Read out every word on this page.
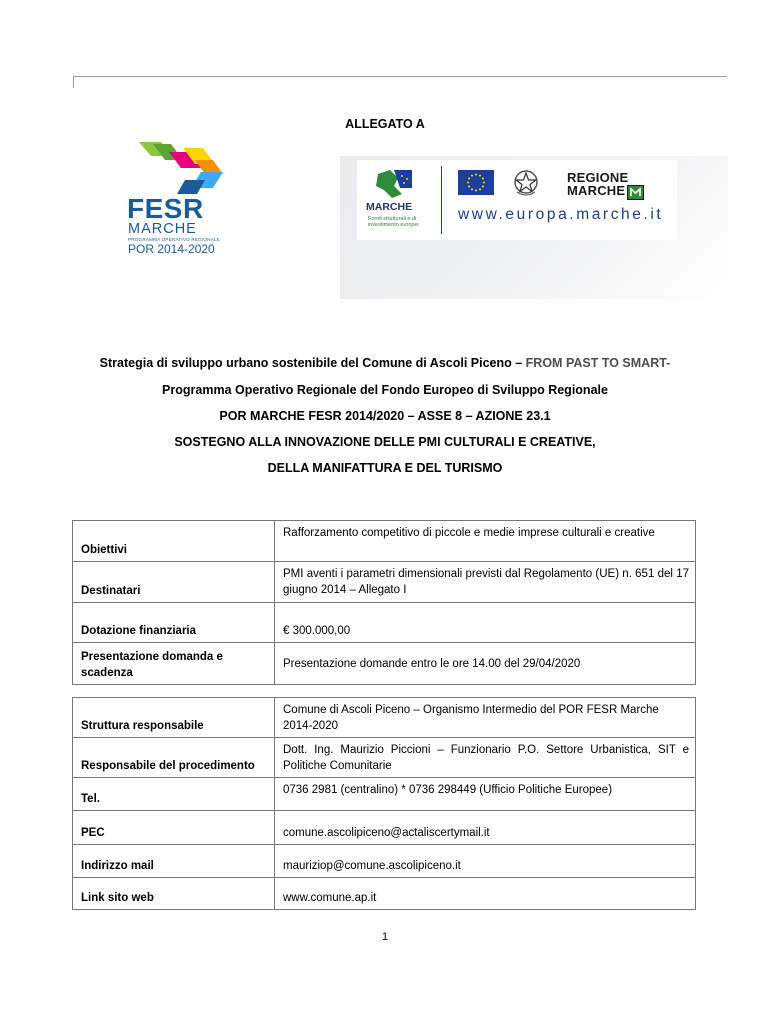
ALLEGATO A
FESR
MARCHE
PROGRAMMA OPERATIVO REGIONALE
POR 2014-2020
MARCHE
Fondi strutturali e di investimento europei
REGIONE
MARCHE
www.europa.marche.it
Strategia di sviluppo urbano sostenibile del Comune di Ascoli Piceno – FROM PAST TO SMART-
Programma Operativo Regionale del Fondo Europeo di Sviluppo Regionale
POR MARCHE FESR 2014/2020 – ASSE 8 – AZIONE 23.1
SOSTEGNO ALLA INNOVAZIONE DELLE PMI CULTURALI E CREATIVE,
DELLA MANIFATTURA E DEL TURISMO
Obiettivi	Rafforzamento competitivo di piccole e medie imprese culturali e creative
Destinatari	PMI aventi i parametri dimensionali previsti dal Regolamento (UE) n. 651 del 17 giugno 2014 – Allegato I
Dotazione finanziaria	€ 300.000,00
Presentazione domanda e scadenza	Presentazione domande entro le ore 14.00 del 29/04/2020
Struttura responsabile	Comune di Ascoli Piceno – Organismo Intermedio del POR FESR Marche 2014-2020
Responsabile del procedimento	Dott. Ing. Maurizio Piccioni – Funzionario P.O. Settore Urbanistica, SIT e Politiche Comunitarie
Tel.	0736 2981 (centralino) * 0736 298449 (Ufficio Politiche Europee)
PEC	comune.ascolipiceno@actaliscertymail.it
Indirizzo mail	mauriziop@comune.ascolipiceno.it
Link sito web	www.comune.ap.it
1
